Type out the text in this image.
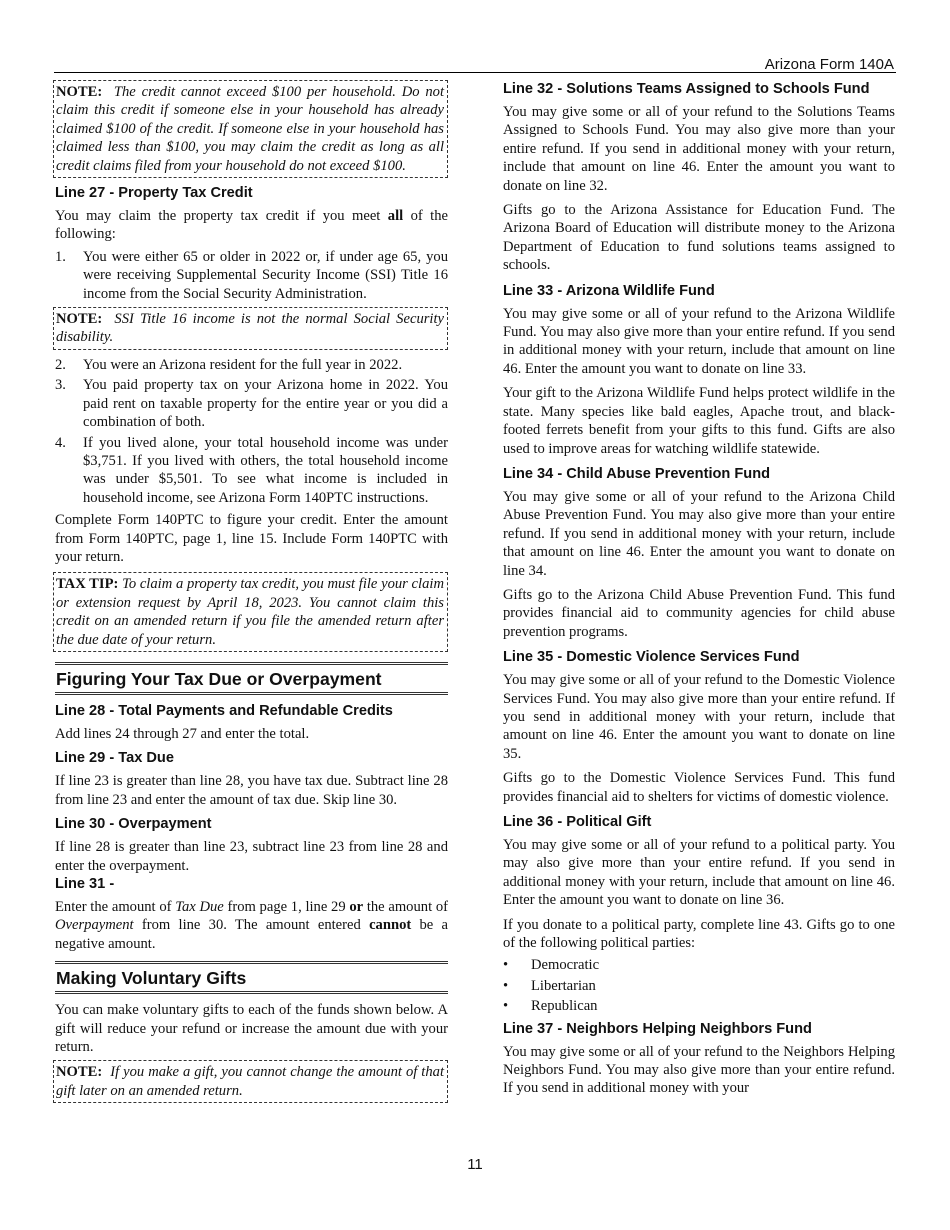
Arizona Form 140A

NOTE: The credit cannot exceed $100 per household. Do not claim this credit if someone else in your household has already claimed $100 of the credit. If someone else in your household has claimed less than $100, you may claim the credit as long as all credit claims filed from your household do not exceed $100.

Line 27 - Property Tax Credit

You may claim the property tax credit if you meet all of the following:

1.	You were either 65 or older in 2022 or, if under age 65, you were receiving Supplemental Security Income (SSI) Title 16 income from the Social Security Administration.

NOTE: SSI Title 16 income is not the normal Social Security disability.

2.	You were an Arizona resident for the full year in 2022.
3.	You paid property tax on your Arizona home in 2022. You paid rent on taxable property for the entire year or you did a combination of both.
4.	If you lived alone, your total household income was under $3,751. If you lived with others, the total household income was under $5,501. To see what income is included in household income, see Arizona Form 140PTC instructions.

Complete Form 140PTC to figure your credit. Enter the amount from Form 140PTC, page 1, line 15. Include Form 140PTC with your return.

TAX TIP: To claim a property tax credit, you must file your claim or extension request by April 18, 2023. You cannot claim this credit on an amended return if you file the amended return after the due date of your return.

Figuring Your Tax Due or Overpayment
Line 28 - Total Payments and Refundable Credits

Add lines 24 through 27 and enter the total.

Line 29 - Tax Due

If line 23 is greater than line 28, you have tax due. Subtract line 28 from line 23 and enter the amount of tax due. Skip line 30.

Line 30 - Overpayment

If line 28 is greater than line 23, subtract line 23 from line 28 and enter the overpayment.

Line 31 -

Enter the amount of Tax Due from page 1, line 29 or the amount of Overpayment from line 30. The amount entered cannot be a negative amount.

Making Voluntary Gifts

You can make voluntary gifts to each of the funds shown below. A gift will reduce your refund or increase the amount due with your return.

NOTE: If you make a gift, you cannot change the amount of that gift later on an amended return.

Line 32 - Solutions Teams Assigned to Schools Fund

You may give some or all of your refund to the Solutions Teams Assigned to Schools Fund. You may also give more than your entire refund. If you send in additional money with your return, include that amount on line 46. Enter the amount you want to donate on line 32.

Gifts go to the Arizona Assistance for Education Fund. The Arizona Board of Education will distribute money to the Arizona Department of Education to fund solutions teams assigned to schools.

Line 33 - Arizona Wildlife Fund

You may give some or all of your refund to the Arizona Wildlife Fund. You may also give more than your entire refund. If you send in additional money with your return, include that amount on line 46. Enter the amount you want to donate on line 33.

Your gift to the Arizona Wildlife Fund helps protect wildlife in the state. Many species like bald eagles, Apache trout, and black-footed ferrets benefit from your gifts to this fund. Gifts are also used to improve areas for watching wildlife statewide.

Line 34 - Child Abuse Prevention Fund

You may give some or all of your refund to the Arizona Child Abuse Prevention Fund. You may also give more than your entire refund. If you send in additional money with your return, include that amount on line 46. Enter the amount you want to donate on line 34.

Gifts go to the Arizona Child Abuse Prevention Fund. This fund provides financial aid to community agencies for child abuse prevention programs.

Line 35 - Domestic Violence Services Fund

You may give some or all of your refund to the Domestic Violence Services Fund. You may also give more than your entire refund. If you send in additional money with your return, include that amount on line 46. Enter the amount you want to donate on line 35.

Gifts go to the Domestic Violence Services Fund. This fund provides financial aid to shelters for victims of domestic violence.

Line 36 - Political Gift

You may give some or all of your refund to a political party. You may also give more than your entire refund. If you send in additional money with your return, include that amount on line 46. Enter the amount you want to donate on line 36.

If you donate to a political party, complete line 43. Gifts go to one of the following political parties:

•	Democratic
•	Libertarian
•	Republican
Line 37 - Neighbors Helping Neighbors Fund

You may give some or all of your refund to the Neighbors Helping Neighbors Fund. You may also give more than your entire refund. If you send in additional money with your

11
